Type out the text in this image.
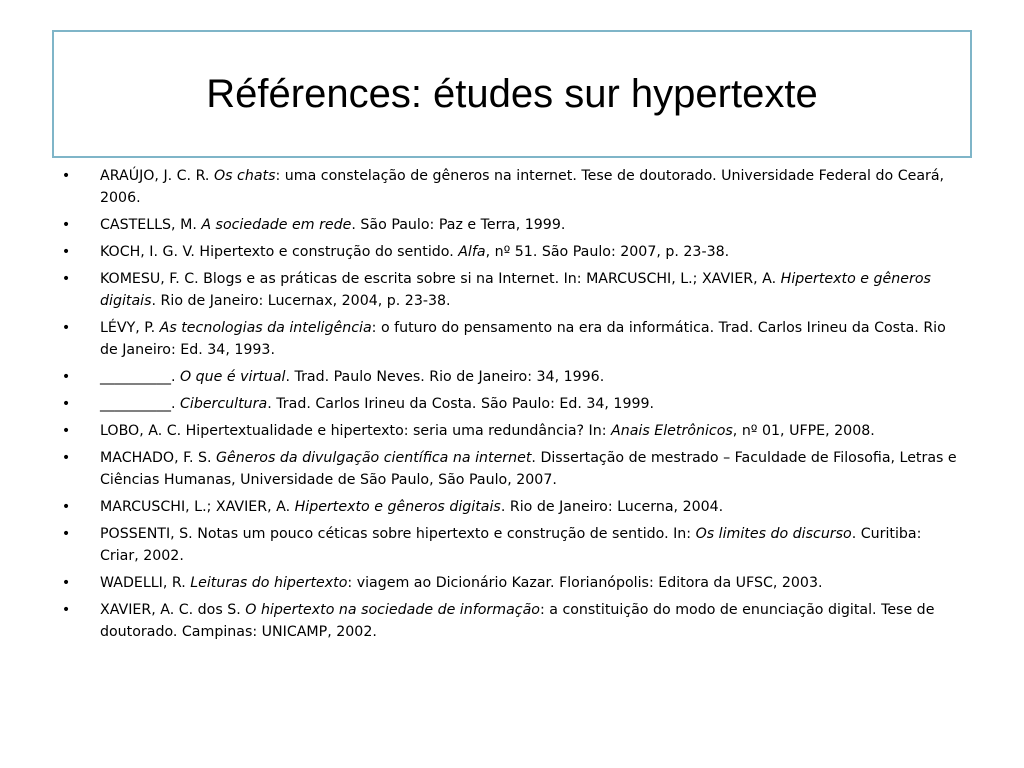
Références: études sur hypertexte
• ARAÚJO, J. C. R. Os chats: uma constelação de gêneros na internet. Tese de doutorado. Universidade Federal do Ceará, 2006.
• CASTELLS, M. A sociedade em rede. São Paulo: Paz e Terra, 1999.
• KOCH, I. G. V. Hipertexto e construção do sentido. Alfa, nº 51. São Paulo: 2007, p. 23-38.
• KOMESU, F. C. Blogs e as práticas de escrita sobre si na Internet. In: MARCUSCHI, L.; XAVIER, A. Hipertexto e gêneros digitais. Rio de Janeiro: Lucernax, 2004, p. 23-38.
• LÉVY, P. As tecnologias da inteligência: o futuro do pensamento na era da informática. Trad. Carlos Irineu da Costa. Rio de Janeiro: Ed. 34, 1993.
• __________. O que é virtual. Trad. Paulo Neves. Rio de Janeiro: 34, 1996.
• __________. Cibercultura. Trad. Carlos Irineu da Costa. São Paulo: Ed. 34, 1999.
• LOBO, A. C. Hipertextualidade e hipertexto: seria uma redundância? In: Anais Eletrônicos, nº 01, UFPE, 2008.
• MACHADO, F. S. Gêneros da divulgação científica na internet. Dissertação de mestrado – Faculdade de Filosofia, Letras e Ciências Humanas, Universidade de São Paulo, São Paulo, 2007.
• MARCUSCHI, L.; XAVIER, A. Hipertexto e gêneros digitais. Rio de Janeiro: Lucerna, 2004.
• POSSENTI, S. Notas um pouco céticas sobre hipertexto e construção de sentido. In: Os limites do discurso. Curitiba: Criar, 2002.
• WADELLI, R. Leituras do hipertexto: viagem ao Dicionário Kazar. Florianópolis: Editora da UFSC, 2003.
• XAVIER, A. C. dos S. O hipertexto na sociedade de informação: a constituição do modo de enunciação digital. Tese de doutorado. Campinas: UNICAMP, 2002.
